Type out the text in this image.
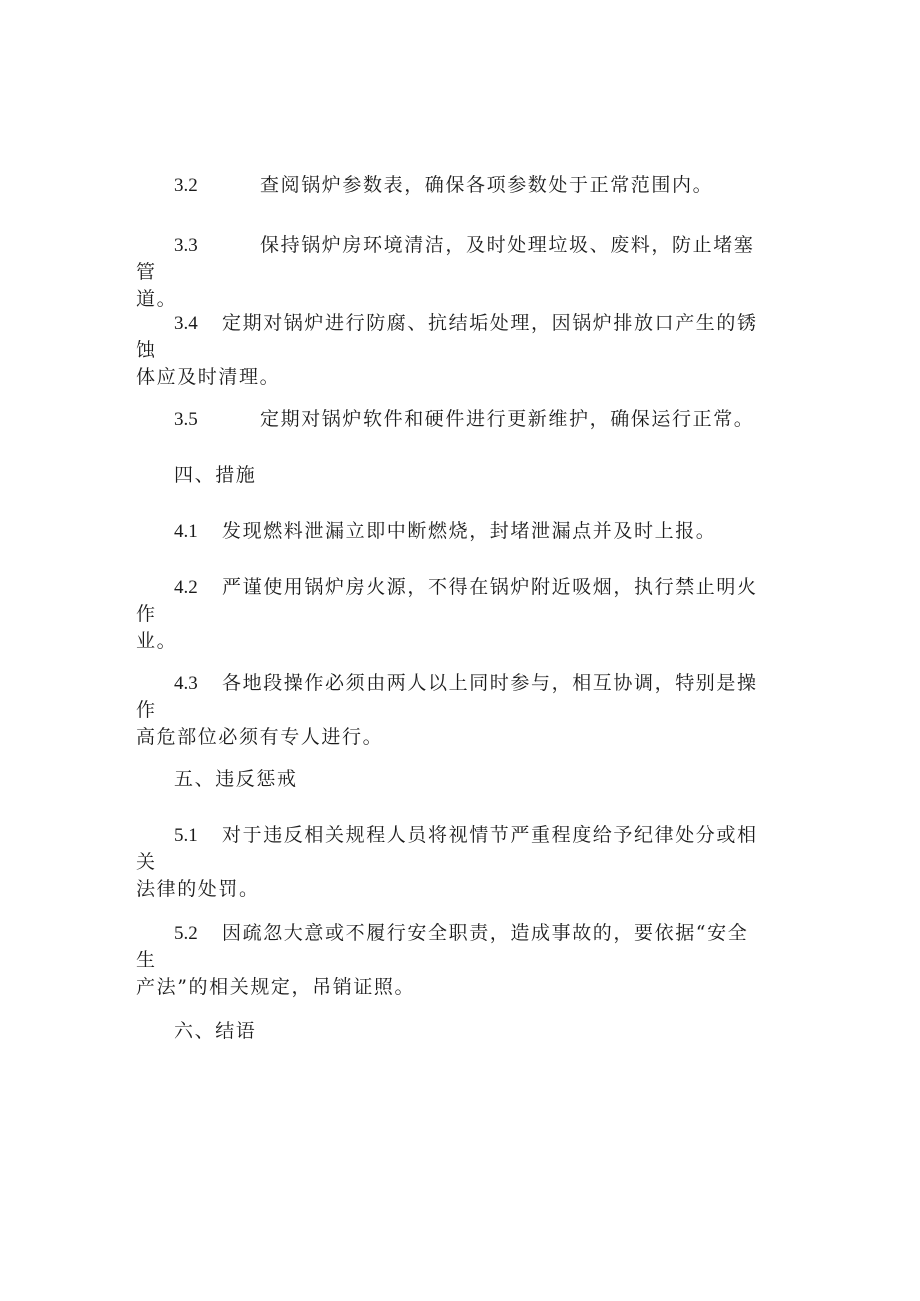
3.2	查阅锅炉参数表，确保各项参数处于正常范围内。
3.3	保持锅炉房环境清洁，及时处理垃圾、废料，防止堵塞管
道。
3.4 定期对锅炉进行防腐、抗结垢处理，因锅炉排放口产生的锈蚀
体应及时清理。
3.5	定期对锅炉软件和硬件进行更新维护，确保运行正常。
四、措施
4.1 发现燃料泄漏立即中断燃烧，封堵泄漏点并及时上报。
4.2 严谨使用锅炉房火源，不得在锅炉附近吸烟，执行禁止明火作
业。
4.3 各地段操作必须由两人以上同时参与，相互协调，特别是操作
高危部位必须有专人进行。
五、违反惩戒
5.1 对于违反相关规程人员将视情节严重程度给予纪律处分或相关
法律的处罚。
5.2 因疏忽大意或不履行安全职责，造成事故的，要依据“安全生
产法”的相关规定，吊销证照。
六、结语
